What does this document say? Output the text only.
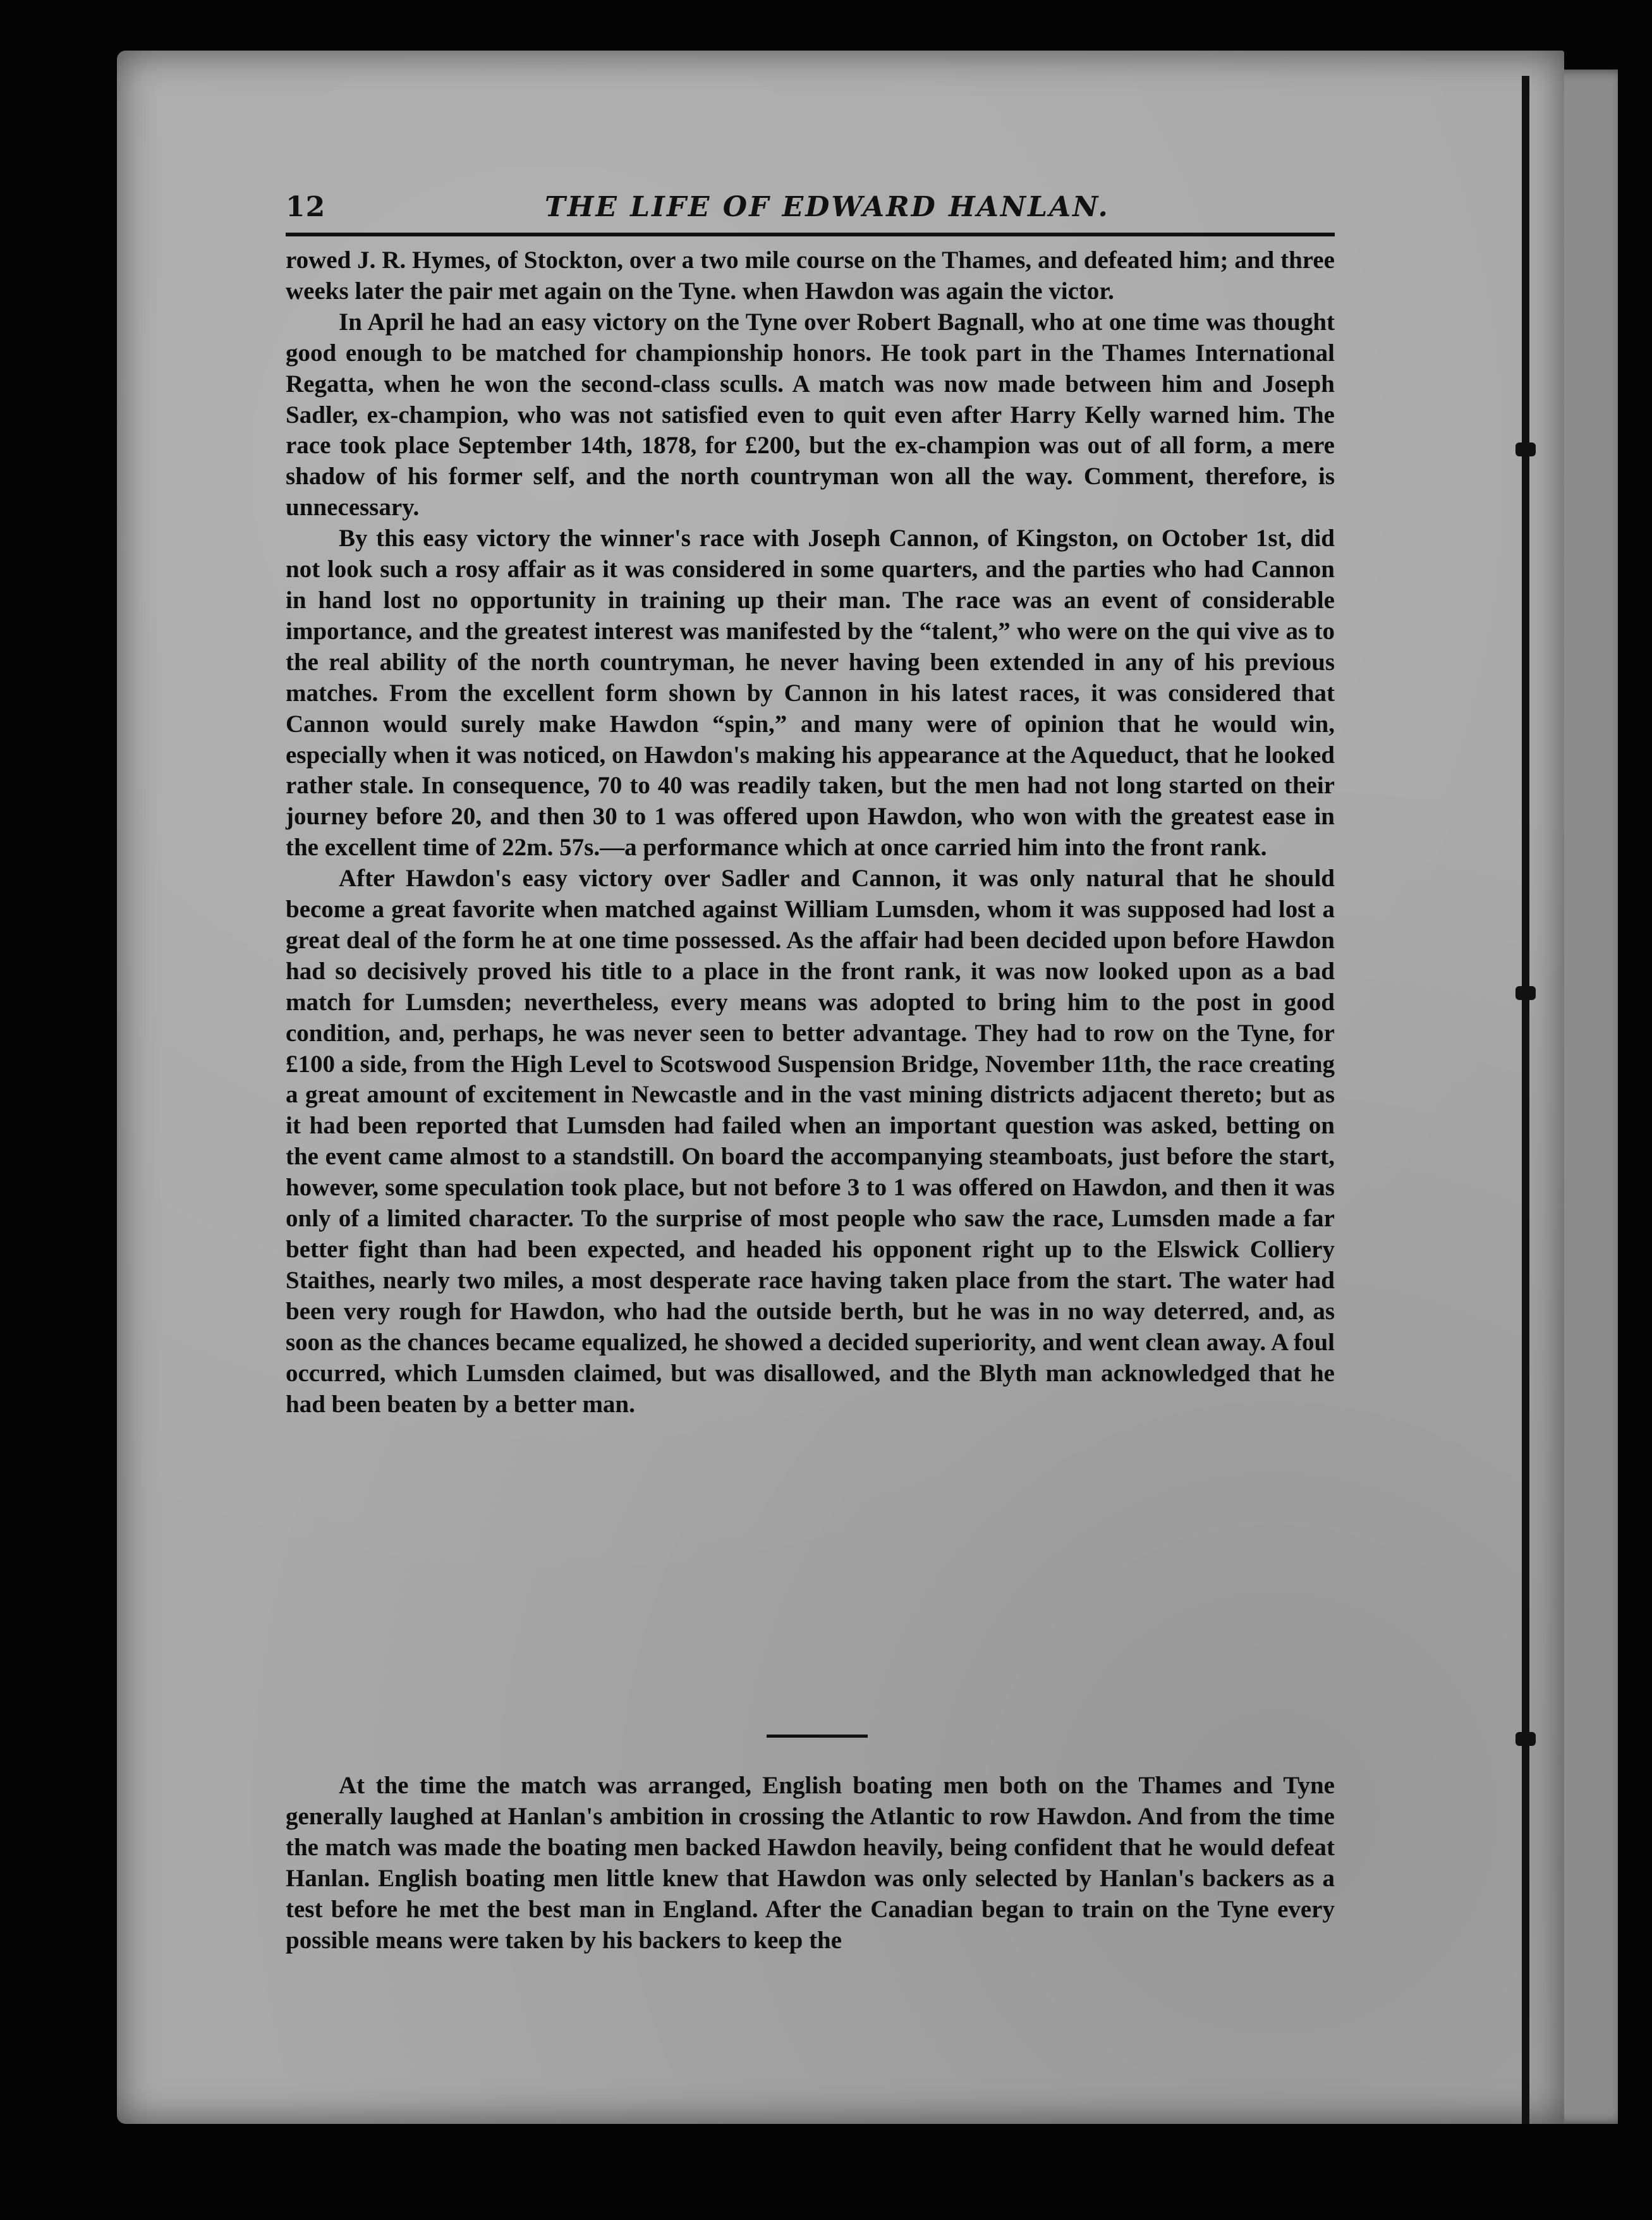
12	THE LIFE OF EDWARD HANLAN.

rowed J. R. Hymes, of Stockton, over a two mile course on the Thames, and defeated him; and three weeks later the pair met again on the Tyne. when Hawdon was again the victor.

In April he had an easy victory on the Tyne over Robert Bagnall, who at one time was thought good enough to be matched for championship honors. He took part in the Thames International Regatta, when he won the second-class sculls. A match was now made between him and Joseph Sadler, ex-champion, who was not satisfied even to quit even after Harry Kelly warned him. The race took place September 14th, 1878, for £200, but the ex-champion was out of all form, a mere shadow of his former self, and the north countryman won all the way. Comment, therefore, is unnecessary.

By this easy victory the winner's race with Joseph Cannon, of Kingston, on October 1st, did not look such a rosy affair as it was considered in some quarters, and the parties who had Cannon in hand lost no opportunity in training up their man. The race was an event of considerable importance, and the greatest interest was manifested by the “talent,” who were on the qui vive as to the real ability of the north countryman, he never having been extended in any of his previous matches. From the excellent form shown by Cannon in his latest races, it was considered that Cannon would surely make Hawdon “spin,” and many were of opinion that he would win, especially when it was noticed, on Hawdon's making his appearance at the Aqueduct, that he looked rather stale. In consequence, 70 to 40 was readily taken, but the men had not long started on their journey before 20, and then 30 to 1 was offered upon Hawdon, who won with the greatest ease in the excellent time of 22m. 57s.—a performance which at once carried him into the front rank.

After Hawdon's easy victory over Sadler and Cannon, it was only natural that he should become a great favorite when matched against William Lumsden, whom it was supposed had lost a great deal of the form he at one time possessed. As the affair had been decided upon before Hawdon had so decisively proved his title to a place in the front rank, it was now looked upon as a bad match for Lumsden; nevertheless, every means was adopted to bring him to the post in good condition, and, perhaps, he was never seen to better advantage. They had to row on the Tyne, for £100 a side, from the High Level to Scotswood Suspension Bridge, November 11th, the race creating a great amount of excitement in Newcastle and in the vast mining districts adjacent thereto; but as it had been reported that Lumsden had failed when an important question was asked, betting on the event came almost to a standstill. On board the accompanying steamboats, just before the start, however, some speculation took place, but not before 3 to 1 was offered on Hawdon, and then it was only of a limited character. To the surprise of most people who saw the race, Lumsden made a far better fight than had been expected, and headed his opponent right up to the Elswick Colliery Staithes, nearly two miles, a most desperate race having taken place from the start. The water had been very rough for Hawdon, who had the outside berth, but he was in no way deterred, and, as soon as the chances became equalized, he showed a decided superiority, and went clean away. A foul occurred, which Lumsden claimed, but was disallowed, and the Blyth man acknowledged that he had been beaten by a better man.

At the time the match was arranged, English boating men both on the Thames and Tyne generally laughed at Hanlan's ambition in crossing the Atlantic to row Hawdon. And from the time the match was made the boating men backed Hawdon heavily, being confident that he would defeat Hanlan. English boating men little knew that Hawdon was only selected by Hanlan's backers as a test before he met the best man in England. After the Canadian began to train on the Tyne every possible means were taken by his backers to keep the
